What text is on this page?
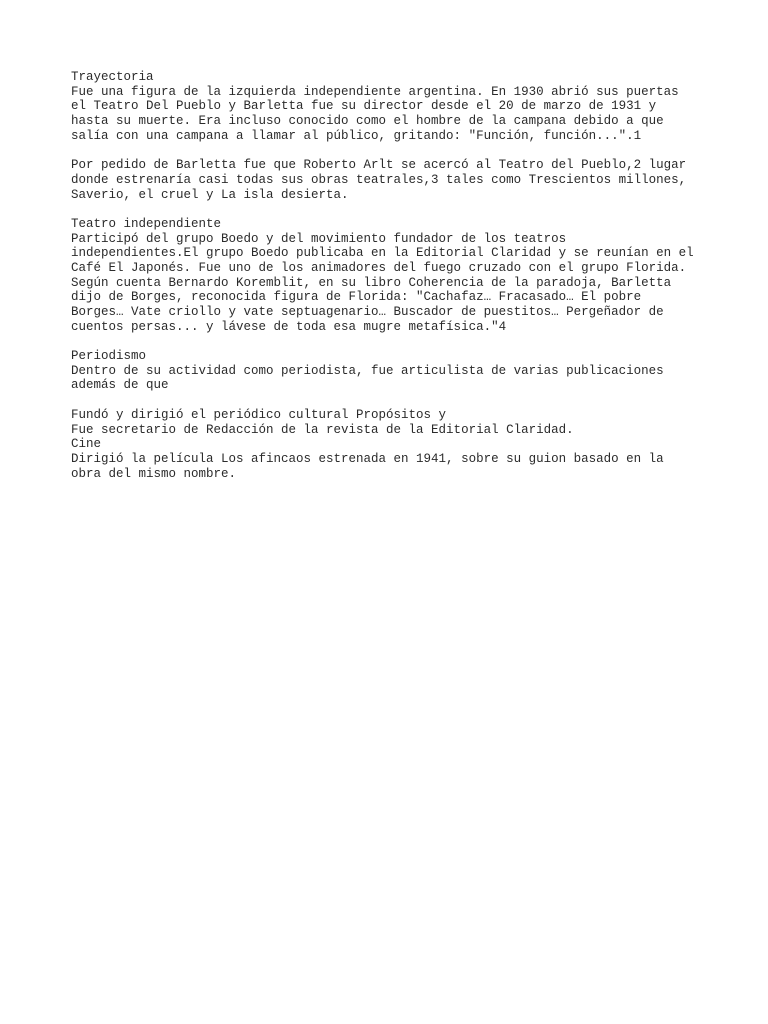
Trayectoria
Fue una figura de la izquierda independiente argentina. En 1930 abrió sus puertas
el Teatro Del Pueblo y Barletta fue su director desde el 20 de marzo de 1931 y
hasta su muerte. Era incluso conocido como el hombre de la campana debido a que
salía con una campana a llamar al público, gritando: "Función, función...".1
Por pedido de Barletta fue que Roberto Arlt se acercó al Teatro del Pueblo,2 lugar
donde estrenaría casi todas sus obras teatrales,3 tales como Trescientos millones,
Saverio, el cruel y La isla desierta.
Teatro independiente
Participó del grupo Boedo y del movimiento fundador de los teatros
independientes.El grupo Boedo publicaba en la Editorial Claridad y se reunían en el
Café El Japonés. Fue uno de los animadores del fuego cruzado con el grupo Florida.
Según cuenta Bernardo Koremblit, en su libro Coherencia de la paradoja, Barletta
dijo de Borges, reconocida figura de Florida: "Cachafaz… Fracasado… El pobre
Borges… Vate criollo y vate septuagenario… Buscador de puestitos… Pergeñador de
cuentos persas... y lávese de toda esa mugre metafísica."4
Periodismo
Dentro de su actividad como periodista, fue articulista de varias publicaciones
además de que
Fundó y dirigió el periódico cultural Propósitos y
Fue secretario de Redacción de la revista de la Editorial Claridad.
Cine
Dirigió la película Los afincaos estrenada en 1941, sobre su guion basado en la
obra del mismo nombre.
